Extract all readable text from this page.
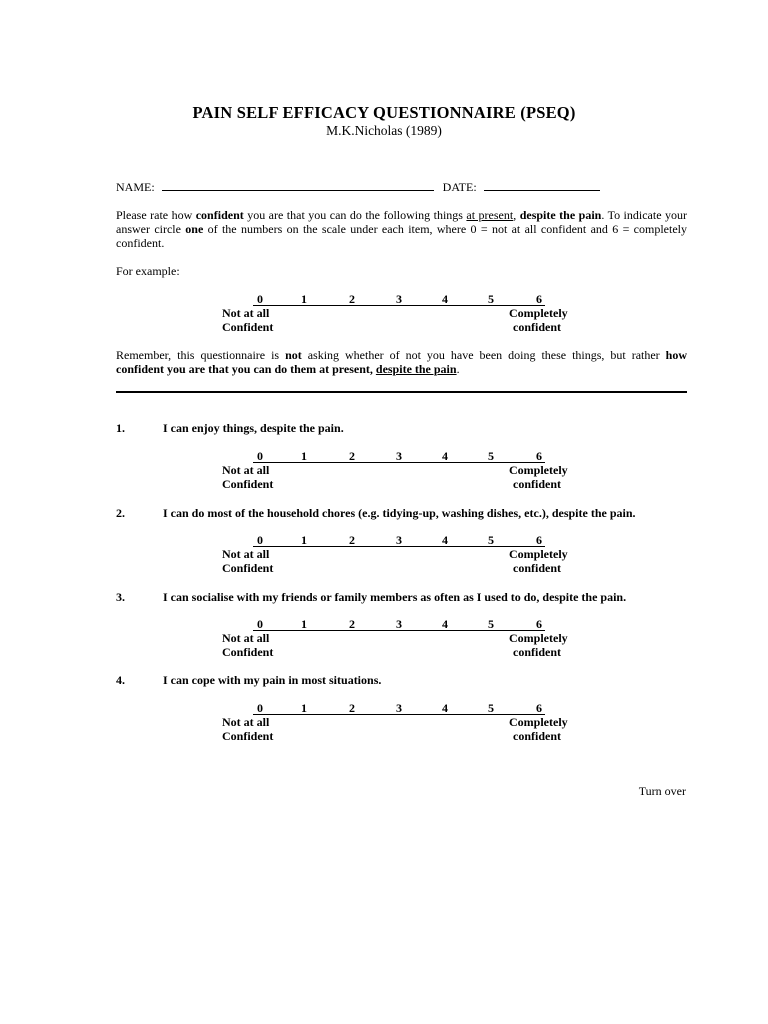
PAIN SELF EFFICACY QUESTIONNAIRE (PSEQ)
M.K.Nicholas (1989)
NAME:	DATE:
Please rate how confident you are that you can do the following things at present, despite the pain. To indicate your answer circle one of the numbers on the scale under each item, where 0 = not at all confident and 6 = completely confident.
For example:
0	1	2	3	4	5	6
Not at all
Confident
Completely
confident
Remember, this questionnaire is not asking whether of not you have been doing these things, but rather how confident you are that you can do them at present, despite the pain.
1.	I can enjoy things, despite the pain.
0	1	2	3	4	5	6
Not at all
Confident
Completely
confident
2.	I can do most of the household chores (e.g. tidying-up, washing dishes, etc.), despite the pain.
0	1	2	3	4	5	6
Not at all
Confident
Completely
confident
3.	I can socialise with my friends or family members as often as I used to do, despite the pain.
0	1	2	3	4	5	6
Not at all
Confident
Completely
confident
4.	I can cope with my pain in most situations.
0	1	2	3	4	5	6
Not at all
Confident
Completely
confident
Turn over
